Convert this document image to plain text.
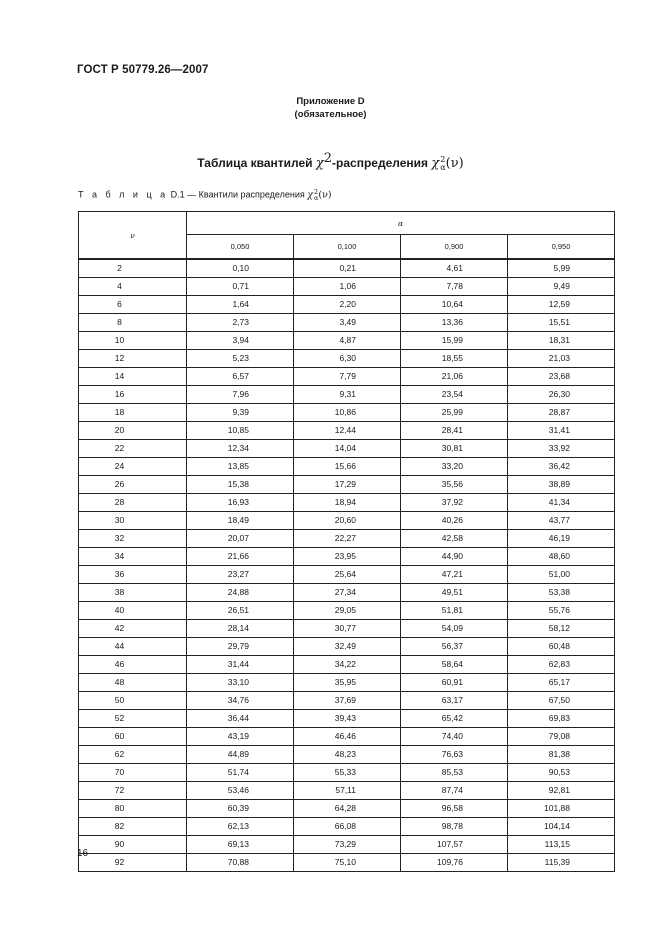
ГОСТ Р 50779.26—2007
Приложение D
(обязательное)
Таблица квантилей $\chi^2$-распределения χ 2
α (ν)
Т а б л и ц а D.1 — Квантили распределения χ 2
α (ν)
ν	α			
	0,050	0,100	0,900	0,950
2	0,10	0,21	4,61	5,99
4	0,71	1,06	7,78	9,49
6	1,64	2,20	10,64	12,59
8	2,73	3,49	13,36	15,51
10	3,94	4,87	15,99	18,31
12	5,23	6,30	18,55	21,03
14	6,57	7,79	21,06	23,68
16	7,96	9,31	23,54	26,30
18	9,39	10,86	25,99	28,87
20	10,85	12,44	28,41	31,41
22	12,34	14,04	30,81	33,92
24	13,85	15,66	33,20	36,42
26	15,38	17,29	35,56	38,89
28	16,93	18,94	37,92	41,34
30	18,49	20,60	40,26	43,77
32	20,07	22,27	42,58	46,19
34	21,66	23,95	44,90	48,60
36	23,27	25,64	47,21	51,00
38	24,88	27,34	49,51	53,38
40	26,51	29,05	51,81	55,76
42	28,14	30,77	54,09	58,12
44	29,79	32,49	56,37	60,48
46	31,44	34,22	58,64	62,83
48	33,10	35,95	60,91	65,17
50	34,76	37,69	63,17	67,50
52	36,44	39,43	65,42	69,83
60	43,19	46,46	74,40	79,08
62	44,89	48,23	76,63	81,38
70	51,74	55,33	85,53	90,53
72	53,46	57,11	87,74	92,81
80	60,39	64,28	96,58	101,88
82	62,13	66,08	98,78	104,14
90	69,13	73,29	107,57	113,15
92	70,88	75,10	109,76	115,39
16
